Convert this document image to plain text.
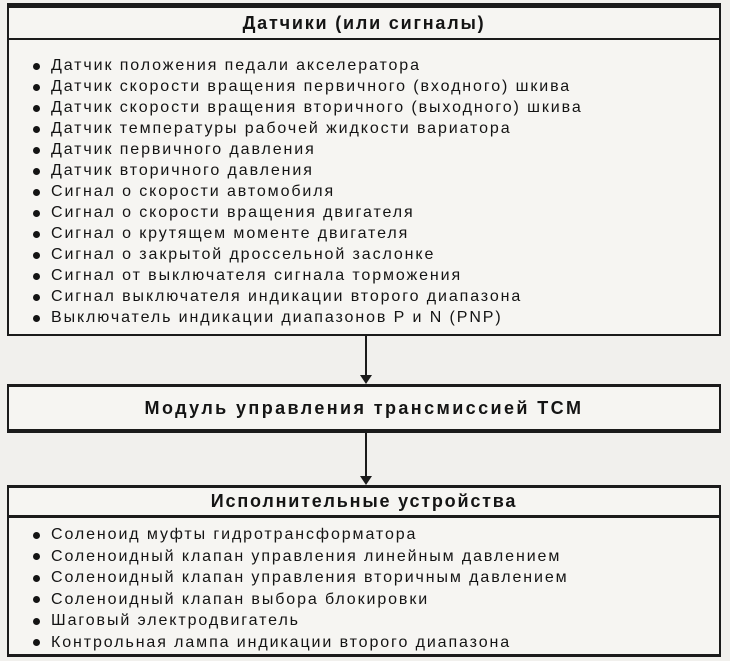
Датчики (или сигналы)
Датчик положения педали акселератора
Датчик скорости вращения первичного (входного) шкива
Датчик скорости вращения вторичного (выходного) шкива
Датчик температуры рабочей жидкости вариатора
Датчик первичного давления
Датчик вторичного давления
Сигнал о скорости автомобиля
Сигнал о скорости вращения двигателя
Сигнал о крутящем моменте двигателя
Сигнал о закрытой дроссельной заслонке
Сигнал от выключателя сигнала торможения
Сигнал выключателя индикации второго диапазона
Выключатель индикации диапазонов Р и N (PNP)
Модуль управления трансмиссией TCM
Исполнительные устройства
Соленоид муфты гидротрансформатора
Соленоидный клапан управления линейным давлением
Соленоидный клапан управления вторичным давлением
Соленоидный клапан выбора блокировки
Шаговый электродвигатель
Контрольная лампа индикации второго диапазона
